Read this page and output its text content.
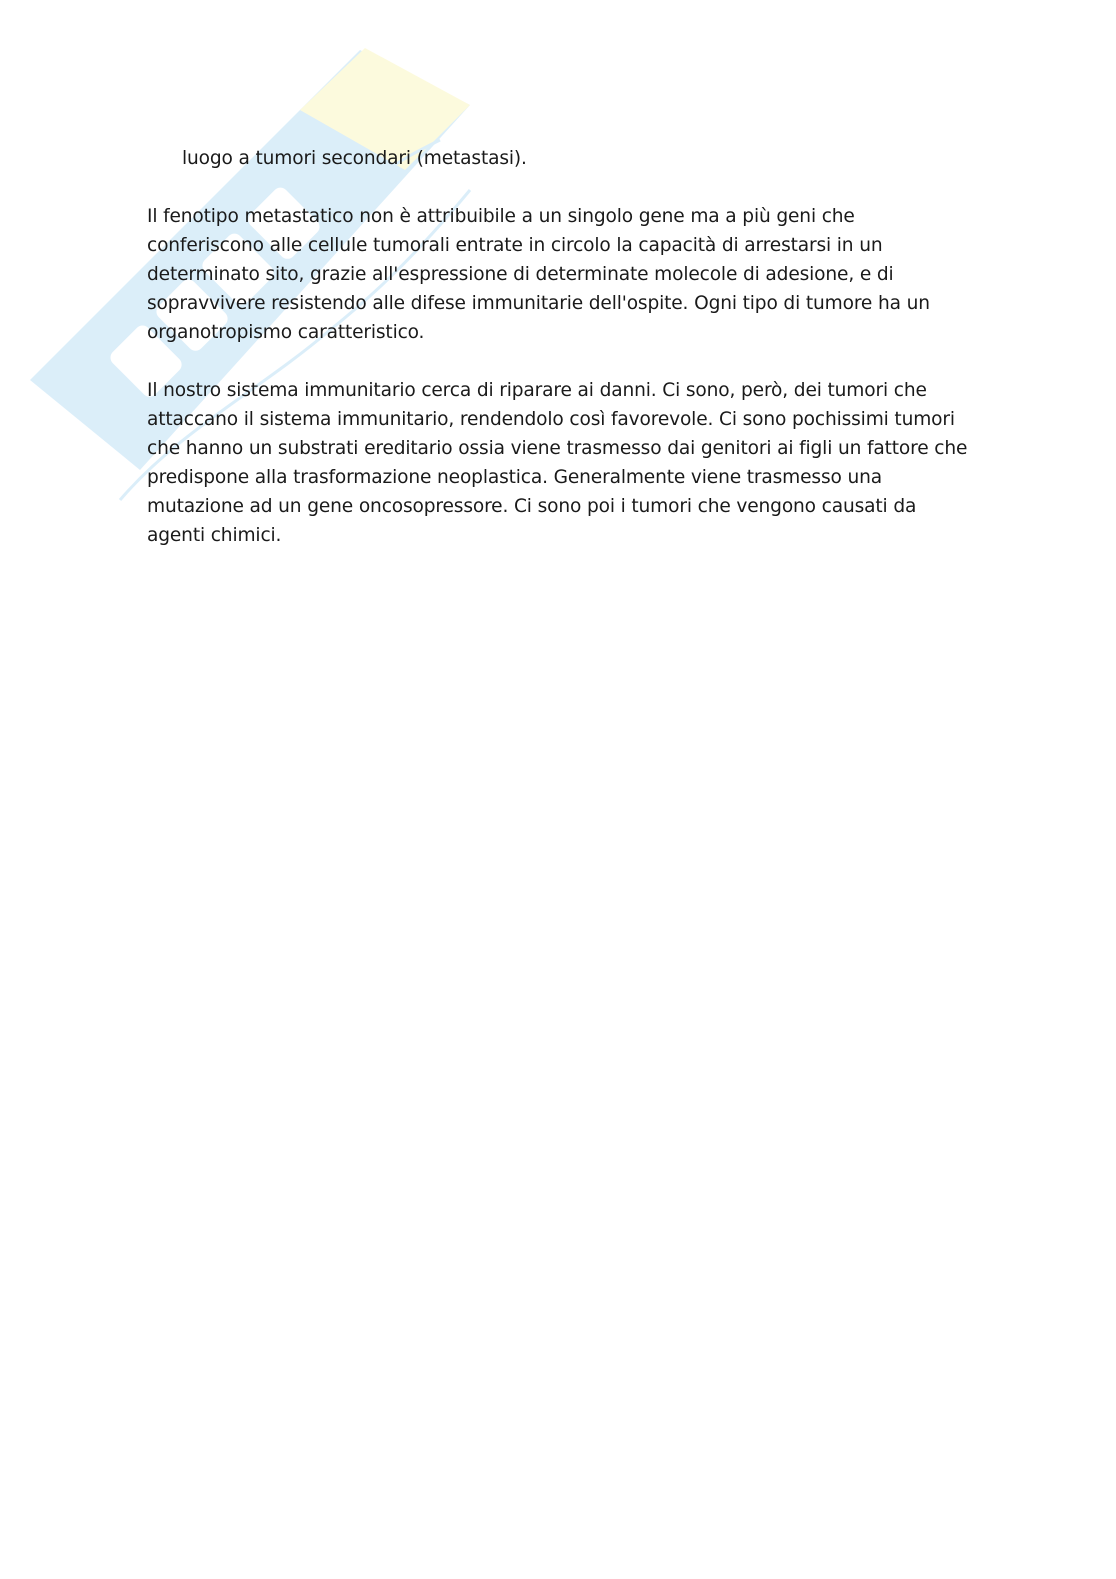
luogo a tumori secondari (metastasi).

Il fenotipo metastatico non è attribuibile a un singolo gene ma a più geni che conferiscono alle cellule tumorali entrate in circolo la capacità di arrestarsi in un determinato sito, grazie all'espressione di determinate molecole di adesione, e di sopravvivere resistendo alle difese immunitarie dell'ospite. Ogni tipo di tumore ha un organotropismo caratteristico.

Il nostro sistema immunitario cerca di riparare ai danni. Ci sono, però, dei tumori che attaccano il sistema immunitario, rendendolo così favorevole. Ci sono pochissimi tumori che hanno un substrati ereditario ossia viene trasmesso dai genitori ai figli un fattore che predispone alla trasformazione neoplastica. Generalmente viene trasmesso una mutazione ad un gene oncosopressore. Ci sono poi i tumori che vengono causati da agenti chimici.
